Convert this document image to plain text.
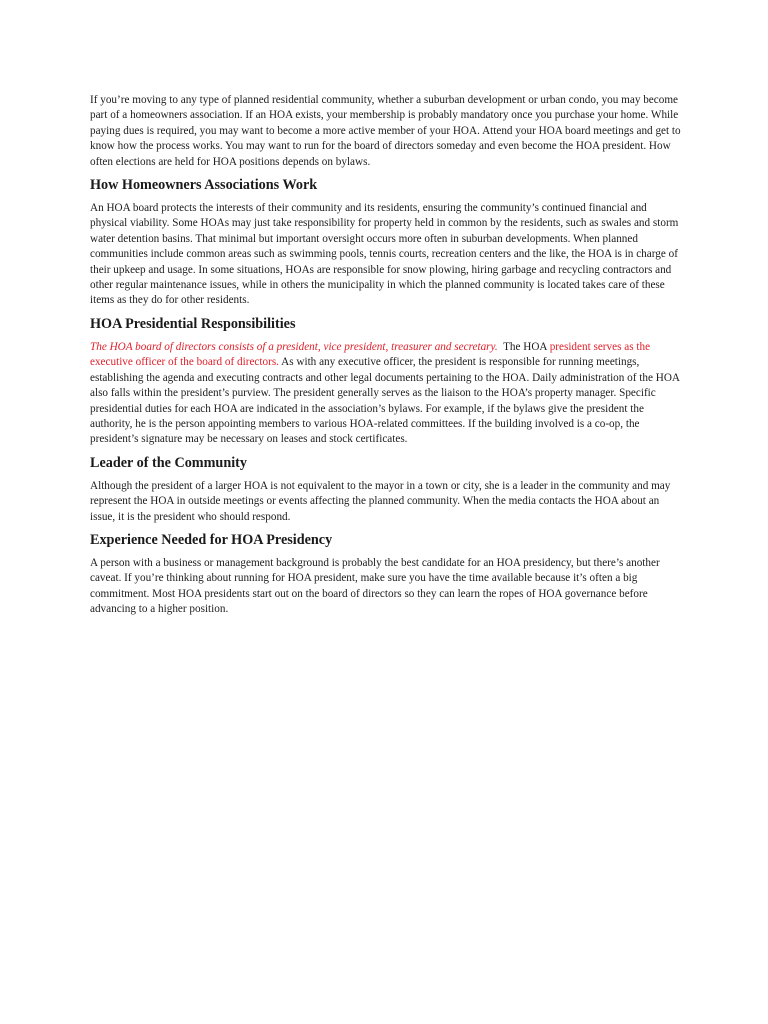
If you’re moving to any type of planned residential community, whether a suburban development or urban condo, you may become part of a homeowners association. If an HOA exists, your membership is probably mandatory once you purchase your home. While paying dues is required, you may want to become a more active member of your HOA. Attend your HOA board meetings and get to know how the process works. You may want to run for the board of directors someday and even become the HOA president. How often elections are held for HOA positions depends on bylaws.

How Homeowners Associations Work

An HOA board protects the interests of their community and its residents, ensuring the community’s continued financial and physical viability. Some HOAs may just take responsibility for property held in common by the residents, such as swales and storm water detention basins. That minimal but important oversight occurs more often in suburban developments. When planned communities include common areas such as swimming pools, tennis courts, recreation centers and the like, the HOA is in charge of their upkeep and usage. In some situations, HOAs are responsible for snow plowing, hiring garbage and recycling contractors and other regular maintenance issues, while in others the municipality in which the planned community is located takes care of these items as they do for other residents.

HOA Presidential Responsibilities

The HOA board of directors consists of a president, vice president, treasurer and secretary.  The HOA president serves as the executive officer of the board of directors. As with any executive officer, the president is responsible for running meetings, establishing the agenda and executing contracts and other legal documents pertaining to the HOA. Daily administration of the HOA also falls within the president’s purview. The president generally serves as the liaison to the HOA’s property manager. Specific presidential duties for each HOA are indicated in the association’s bylaws. For example, if the bylaws give the president the authority, he is the person appointing members to various HOA-related committees. If the building involved is a co-op, the president’s signature may be necessary on leases and stock certificates.

Leader of the Community

Although the president of a larger HOA is not equivalent to the mayor in a town or city, she is a leader in the community and may represent the HOA in outside meetings or events affecting the planned community. When the media contacts the HOA about an issue, it is the president who should respond.

Experience Needed for HOA Presidency

A person with a business or management background is probably the best candidate for an HOA presidency, but there’s another caveat. If you’re thinking about running for HOA president, make sure you have the time available because it’s often a big commitment. Most HOA presidents start out on the board of directors so they can learn the ropes of HOA governance before advancing to a higher position.
